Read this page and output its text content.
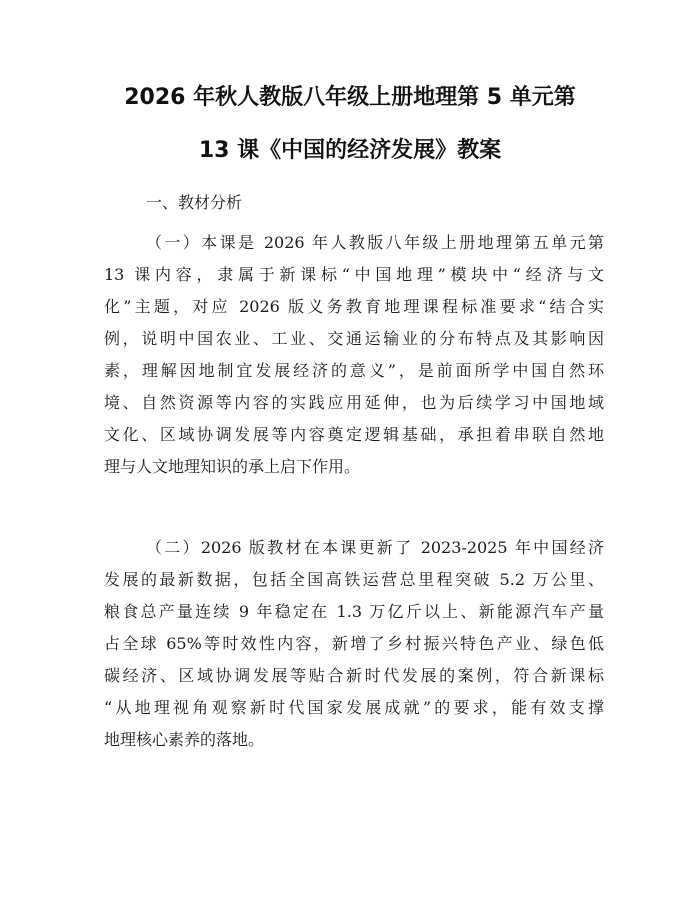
2026 年秋人教版八年级上册地理第 5 单元第
13 课《中国的经济发展》教案
一、教材分析
（一）本课是 2026 年人教版八年级上册地理第五单元第
13 课内容，隶属于新课标“中国地理”模块中“经济与文
化”主题，对应 2026 版义务教育地理课程标准要求“结合实
例，说明中国农业、工业、交通运输业的分布特点及其影响因
素，理解因地制宜发展经济的意义”，是前面所学中国自然环
境、自然资源等内容的实践应用延伸，也为后续学习中国地域
文化、区域协调发展等内容奠定逻辑基础，承担着串联自然地
理与人文地理知识的承上启下作用。
（二）2026 版教材在本课更新了 2023-2025 年中国经济
发展的最新数据，包括全国高铁运营总里程突破 5.2 万公里、
粮食总产量连续 9 年稳定在 1.3 万亿斤以上、新能源汽车产量
占全球 65%等时效性内容，新增了乡村振兴特色产业、绿色低
碳经济、区域协调发展等贴合新时代发展的案例，符合新课标
“从地理视角观察新时代国家发展成就”的要求，能有效支撑
地理核心素养的落地。
